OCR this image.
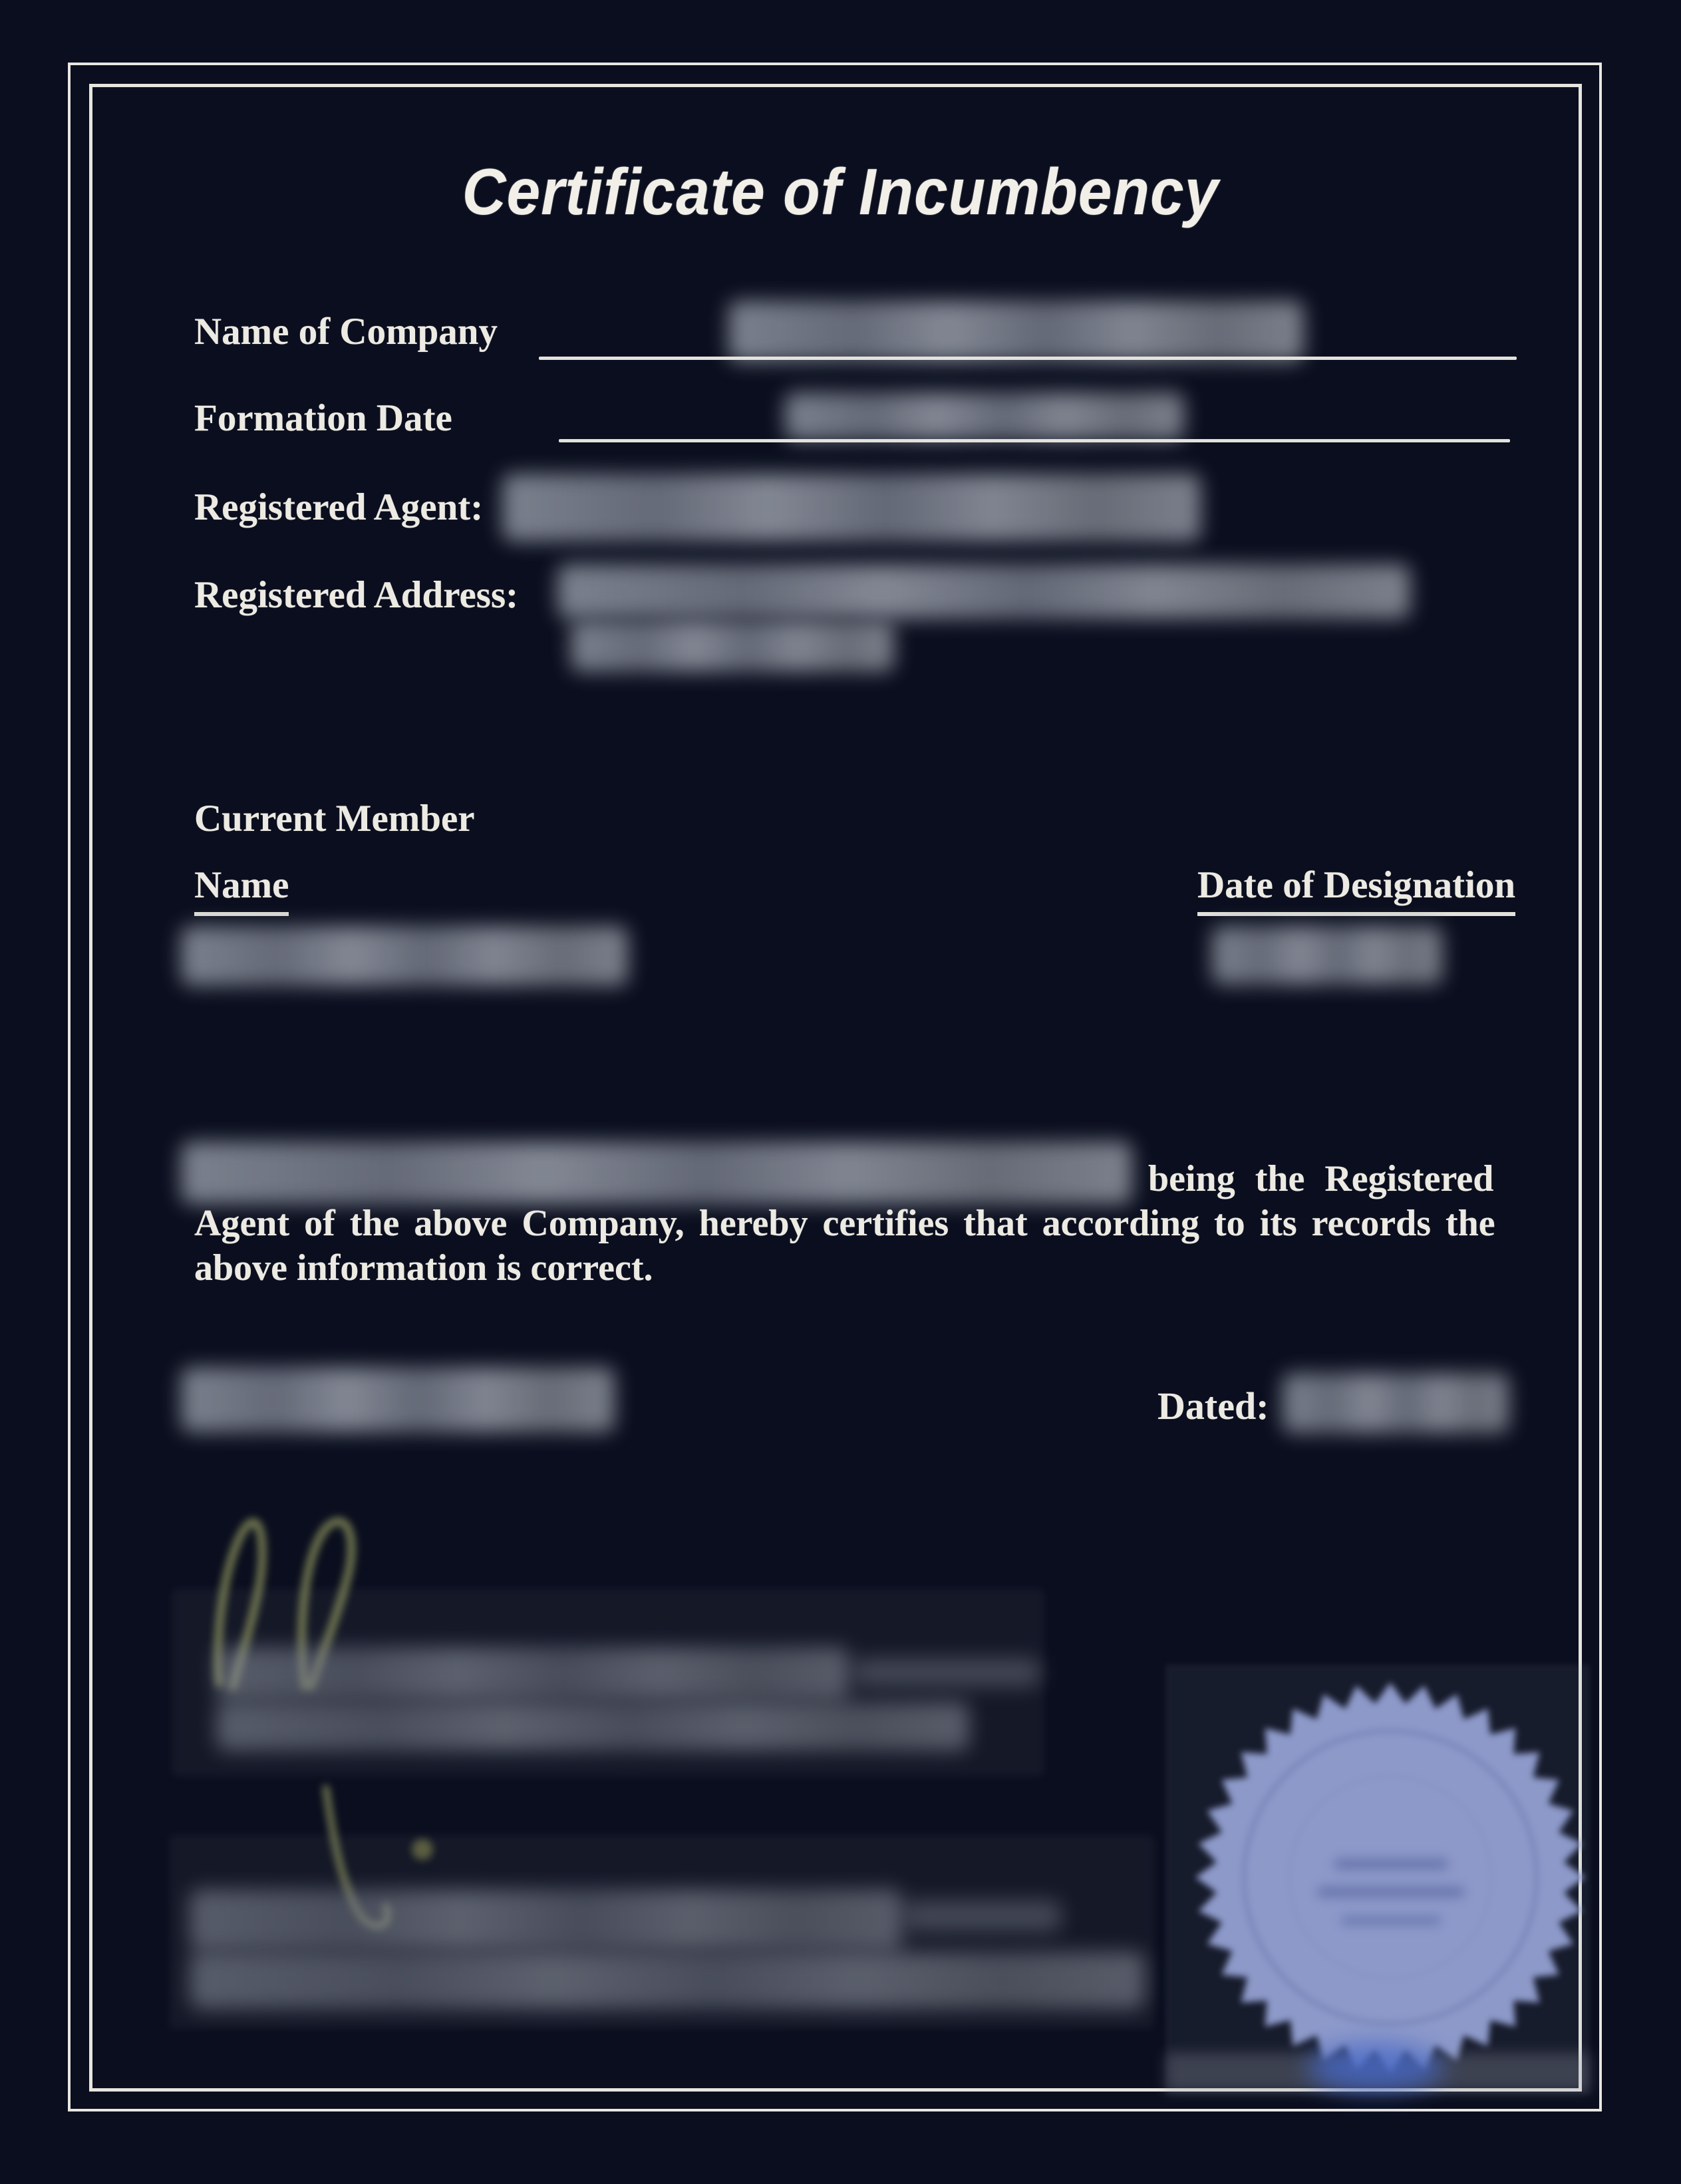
Certificate of Incumbency
Name of Company
Formation Date
Registered Agent:
Registered Address:
Current Member
Name	Date of Designation
being the Registered
Agent of the above Company, hereby certifies that according to its records the
above information is correct.
Dated:
